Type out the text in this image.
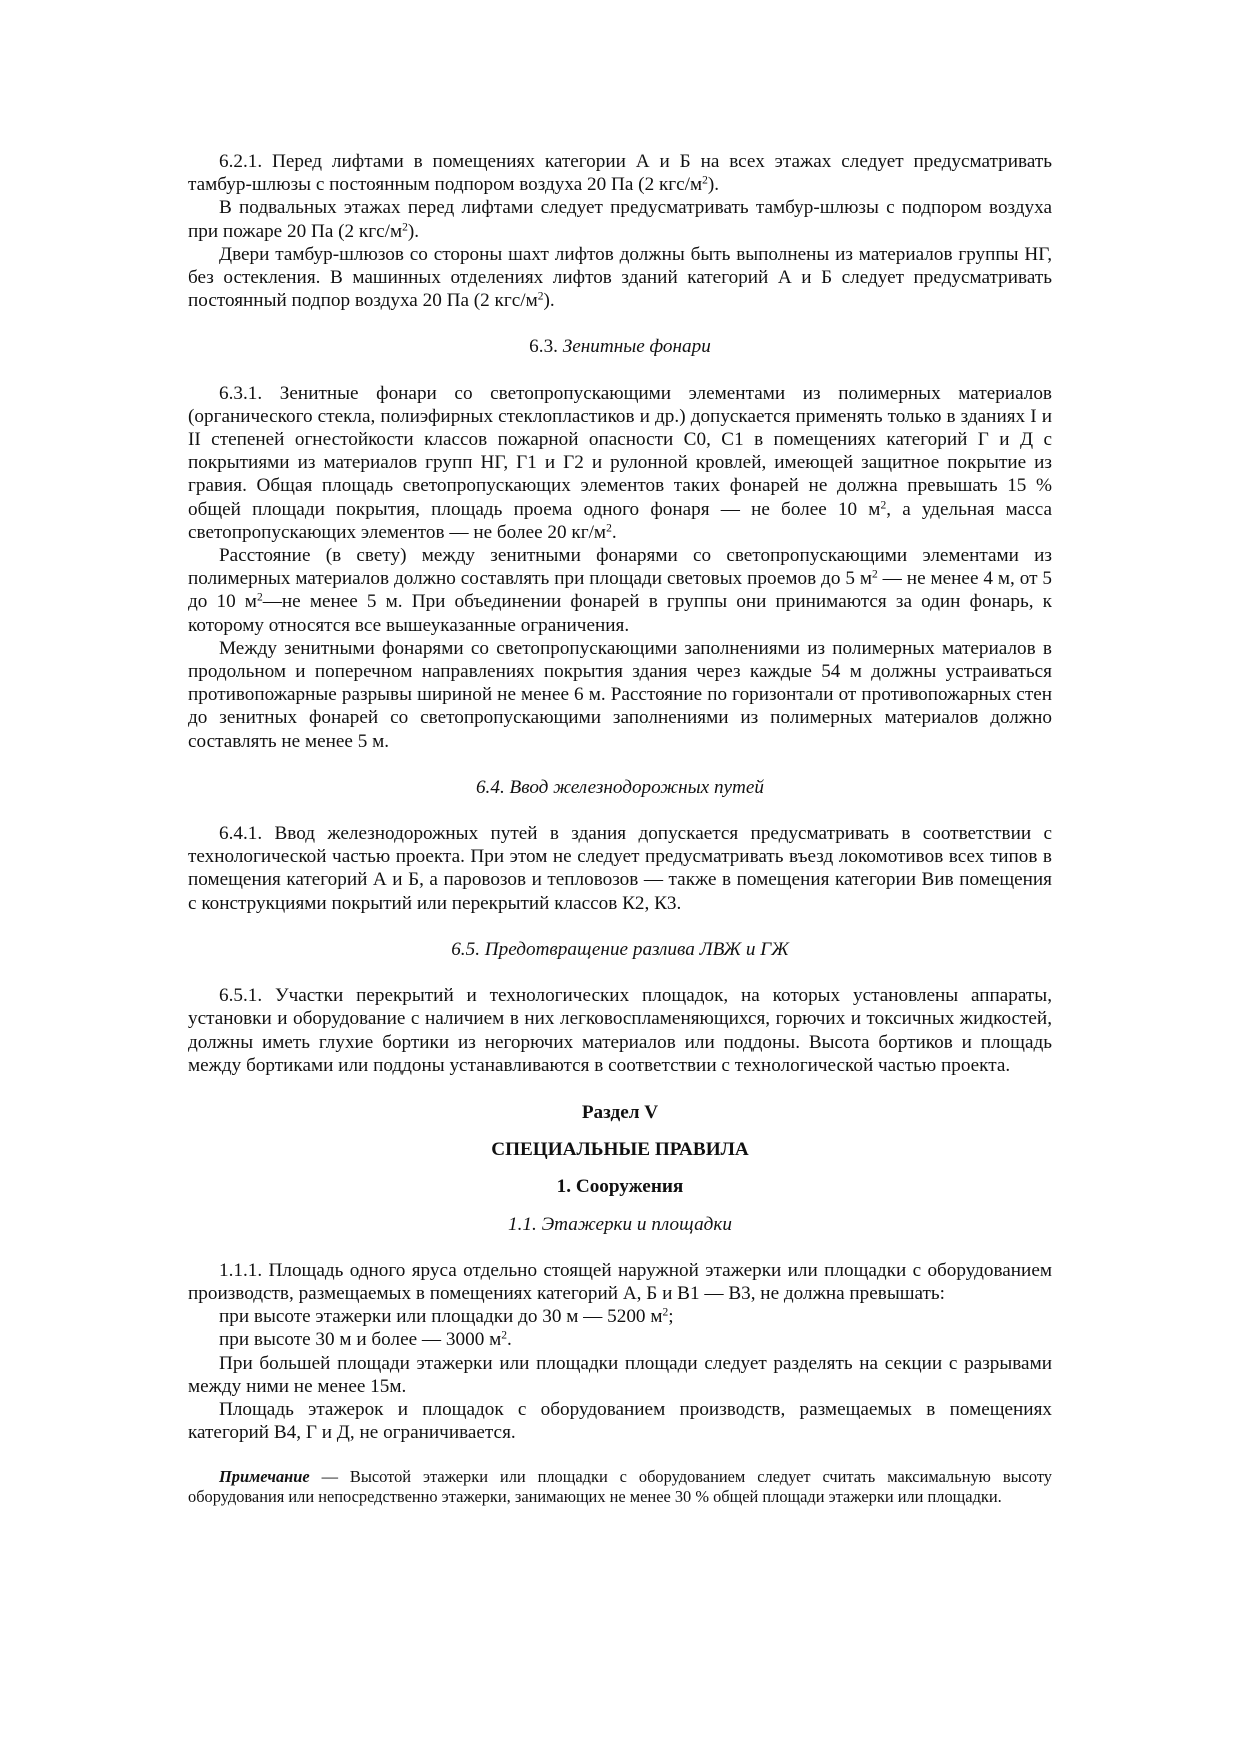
6.2.1. Перед лифтами в помещениях категории А и Б на всех этажах следует предусматривать тамбур-шлюзы с постоянным подпором воздуха 20 Па (2 кгс/$м^2$).

В подвальных этажах перед лифтами следует предусматривать тамбур-шлюзы с подпором воздуха при пожаре 20 Па (2 кгс/$м^2$).

Двери тамбур-шлюзов со стороны шахт лифтов должны быть выполнены из материалов группы НГ, без остекления. В машинных отделениях лифтов зданий категорий А и Б следует предусматривать постоянный подпор воздуха 20 Па (2 кгс/$м^2$).

6.3. Зенитные фонари

6.3.1. Зенитные фонари со светопропускающими элементами из полимерных материалов (органического стекла, полиэфирных стеклопластиков и др.) допускается применять только в зданиях I и II степеней огнестойкости классов пожарной опасности С0, С1 в помещениях категорий Г и Д с покрытиями из материалов групп НГ, Г1 и Г2 и рулонной кровлей, имеющей защитное покрытие из гравия. Общая площадь светопропускающих элементов таких фонарей не должна превышать 15 % общей площади покрытия, площадь проема одного фонаря — не более 10 $м^2$, а удельная масса светопропускающих элементов — не более 20 $кг/м^2$.

Расстояние (в свету) между зенитными фонарями со светопропускающими элементами из полимерных материалов должно составлять при площади световых проемов до 5 $м^2$ — не менее 4 м, от 5 до 10 $м^2—не$ менее 5 м. При объединении фонарей в группы они принимаются за один фонарь, к которому относятся все вышеуказанные ограничения.

Между зенитными фонарями со светопропускающими заполнениями из полимерных материалов в продольном и поперечном направлениях покрытия здания через каждые 54 м должны устраиваться противопожарные разрывы шириной не менее 6 м. Расстояние по горизонтали от противопожарных стен до зенитных фонарей со светопропускающими заполнениями из полимерных материалов должно составлять не менее 5 м.

6.4. Ввод железнодорожных путей

6.4.1. Ввод железнодорожных путей в здания допускается предусматривать в соответствии с технологической частью проекта. При этом не следует предусматривать въезд локомотивов всех типов в помещения категорий А и Б, а паровозов и тепловозов — также в помещения категории Вив помещения с конструкциями покрытий или перекрытий классов К2, К3.

6.5. Предотвращение разлива ЛВЖ и ГЖ

6.5.1. Участки перекрытий и технологических площадок, на которых установлены аппараты, установки и оборудование с наличием в них легковоспламеняющихся, горючих и токсичных жидкостей, должны иметь глухие бортики из негорючих материалов или поддоны. Высота бортиков и площадь между бортиками или поддоны устанавливаются в соответствии с технологической частью проекта.

Раздел V

СПЕЦИАЛЬНЫЕ ПРАВИЛА

1. Сооружения

1.1. Этажерки и площадки

1.1.1. Площадь одного яруса отдельно стоящей наружной этажерки или площадки с оборудованием производств, размещаемых в помещениях категорий А, Б и В1 — В3, не должна превышать:

при высоте этажерки или площадки до 30 м — 5200 $м^2$;

при высоте 30 м и более — 3000 $м^2$.

При большей площади этажерки или площадки площади следует разделять на секции с разрывами между ними не менее 15м.

Площадь этажерок и площадок с оборудованием производств, размещаемых в помещениях категорий В4, Г и Д, не ограничивается.

Примечание — Высотой этажерки или площадки с оборудованием следует считать максимальную высоту оборудования или непосредственно этажерки, занимающих не менее 30 % общей площади этажерки или площадки.
